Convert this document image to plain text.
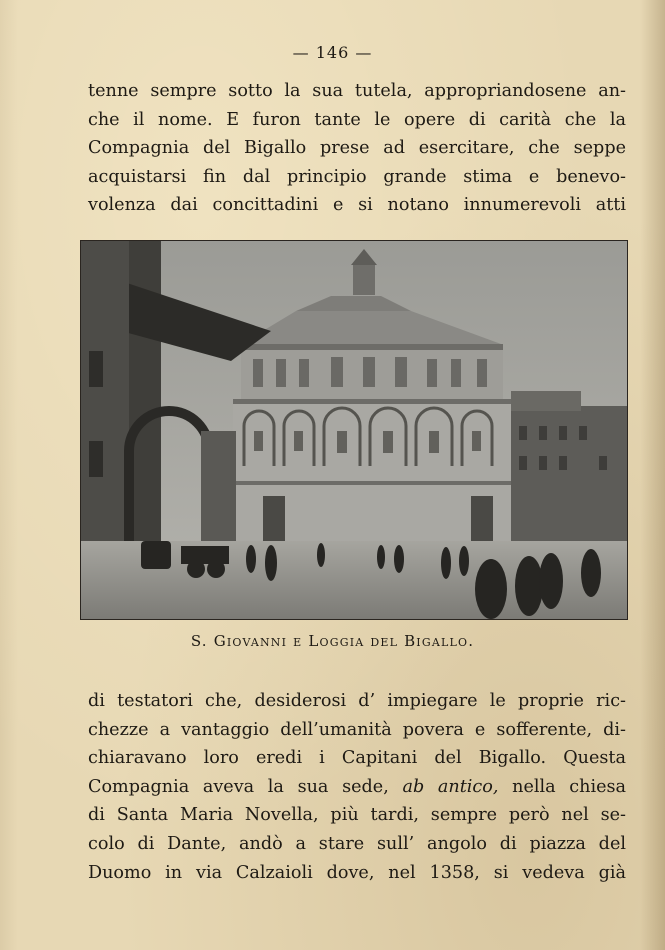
— 146 —
tenne sempre sotto la sua tutela, appropriandosene an-
che il nome. E furon tante le opere di carità che la
Compagnia del Bigallo prese ad esercitare, che seppe
acquistarsi fin dal principio grande stima e benevo-
volenza dai concittadini e si notano innumerevoli atti
S. Giovanni e Loggia del Bigallo.
di testatori che, desiderosi d’ impiegare le proprie ric-
chezze a vantaggio dell’umanità povera e sofferente, di-
chiaravano loro eredi i Capitani del Bigallo. Questa
Compagnia aveva la sua sede, ab antico, nella chiesa
di Santa Maria Novella, più tardi, sempre però nel se-
colo di Dante, andò a stare sull’ angolo di piazza del
Duomo in via Calzaioli dove, nel 1358, si vedeva già
